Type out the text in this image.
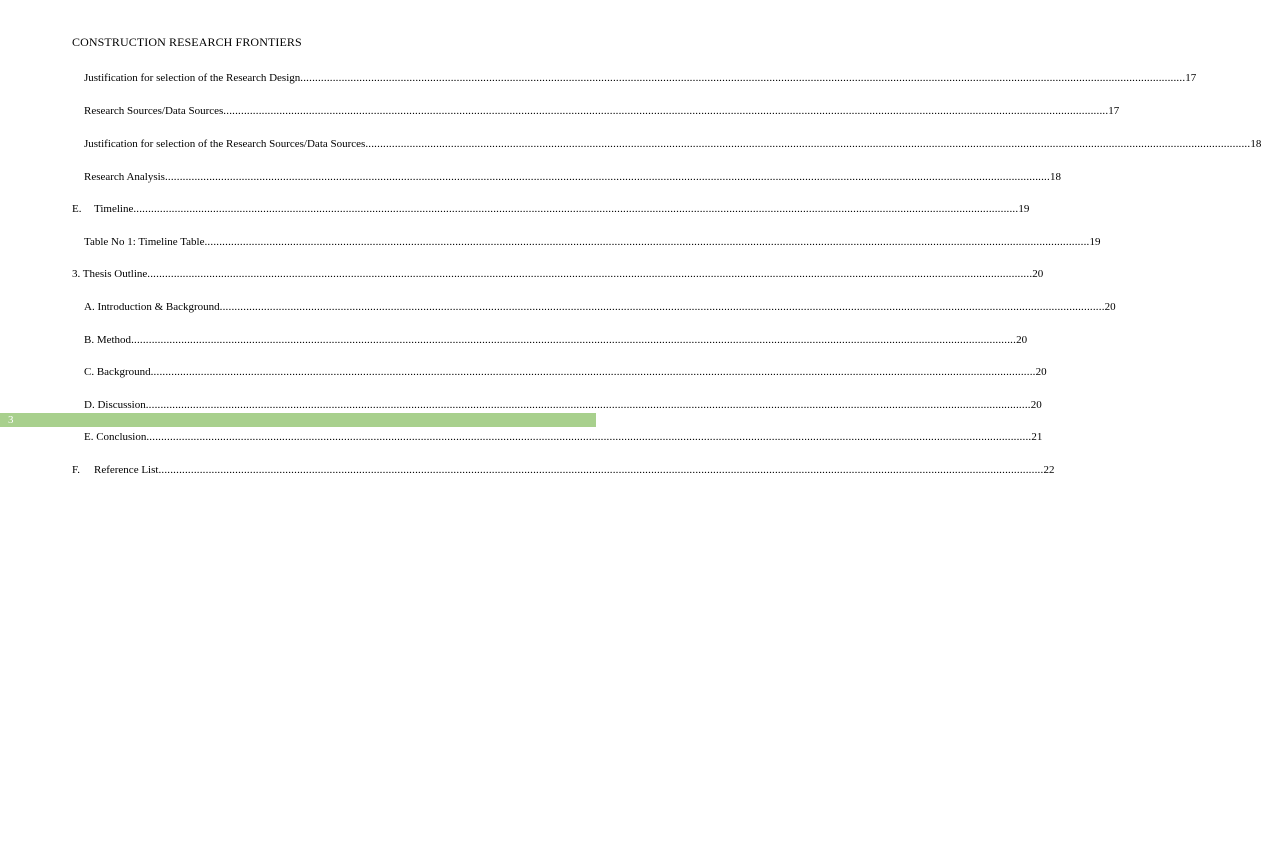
CONSTRUCTION RESEARCH FRONTIERS
Justification for selection of the Research Design ............................................................................................................................................................................................................................................................................................................ 17
Research Sources/Data Sources ............................................................................................................................................................................................................................................................................................................ 17
Justification for selection of the Research Sources/Data Sources ............................................................................................................................................................................................................................................................................................................ 18
Research Analysis ............................................................................................................................................................................................................................................................................................................ 18
E.	Timeline ............................................................................................................................................................................................................................................................................................................ 19
Table No 1: Timeline Table ............................................................................................................................................................................................................................................................................................................ 19
3. Thesis Outline ............................................................................................................................................................................................................................................................................................................ 20
A. Introduction & Background ............................................................................................................................................................................................................................................................................................................ 20
B. Method ............................................................................................................................................................................................................................................................................................................ 20
C. Background ............................................................................................................................................................................................................................................................................................................ 20
D. Discussion ............................................................................................................................................................................................................................................................................................................ 20
E. Conclusion ............................................................................................................................................................................................................................................................................................................ 21
F.	Reference List ............................................................................................................................................................................................................................................................................................................ 22
3
